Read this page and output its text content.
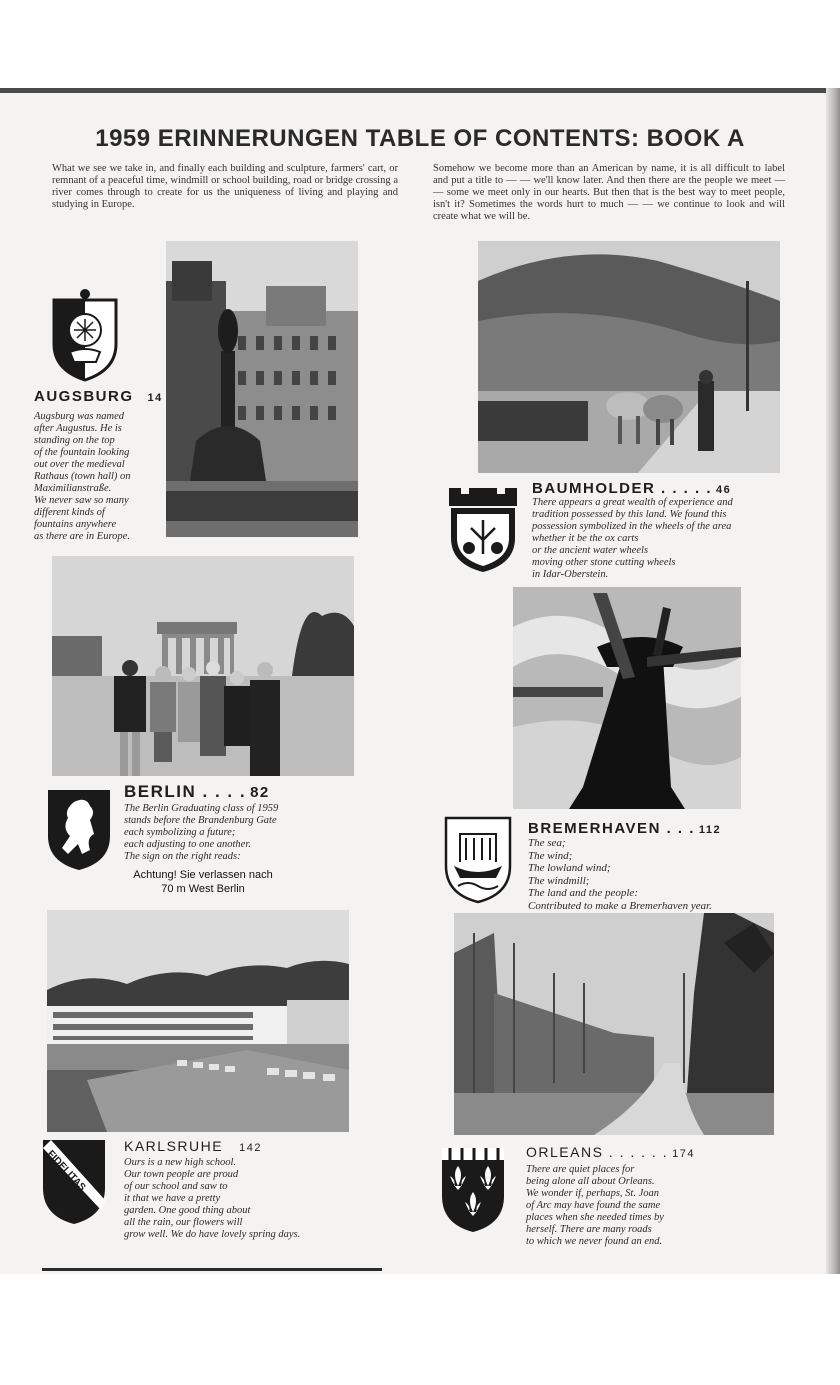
1959 ERINNERUNGEN TABLE OF CONTENTS: BOOK A
What we see we take in, and finally each building and sculpture, farmers' cart, or remnant of a peaceful time, windmill or school building, road or bridge crossing a river comes through to create for us the uniqueness of living and playing and studying in Europe.
Somehow we become more than an American by name, it is all difficult to label and put a title to — — we'll know later. And then there are the people we meet — — some we meet only in our hearts. But then that is the best way to meet people, isn't it? Sometimes the words hurt to much — — we continue to look and will create what we will be.
AUGSBURG 14
Augsburg was named
after Augustus. He is
standing on the top
of the fountain looking
out over the medieval
Rathaus (town hall) on
Maximilianstraße.
We never saw so many
different kinds of
fountains anywhere
as there are in Europe.
BAUMHOLDER . . . . . 46
There appears a great wealth of experience and
tradition possessed by this land. We found this
possession symbolized in the wheels of the area
whether it be the ox carts
or the ancient water wheels
moving other stone cutting wheels
in Idar-Oberstein.
BERLIN . . . . 82
The Berlin Graduating class of 1959
stands before the Brandenburg Gate
each symbolizing a future;
each adjusting to one another.
The sign on the right reads:
Achtung! Sie verlassen nach
70 m West Berlin
BREMERHAVEN . . . 112
The sea;
The wind;
The lowland wind;
The windmill;
The land and the people:
Contributed to make a Bremerhaven year.
FIDELITAS
KARLSRUHE 142
Ours is a new high school.
Our town people are proud
of our school and saw to
it that we have a pretty
garden. One good thing about
all the rain, our flowers will
grow well. We do have lovely spring days.
ORLEANS . . . . . . 174
There are quiet places for
being alone all about Orleans.
We wonder if, perhaps, St. Joan
of Arc may have found the same
places when she needed times by
herself. There are many roads
to which we never found an end.
